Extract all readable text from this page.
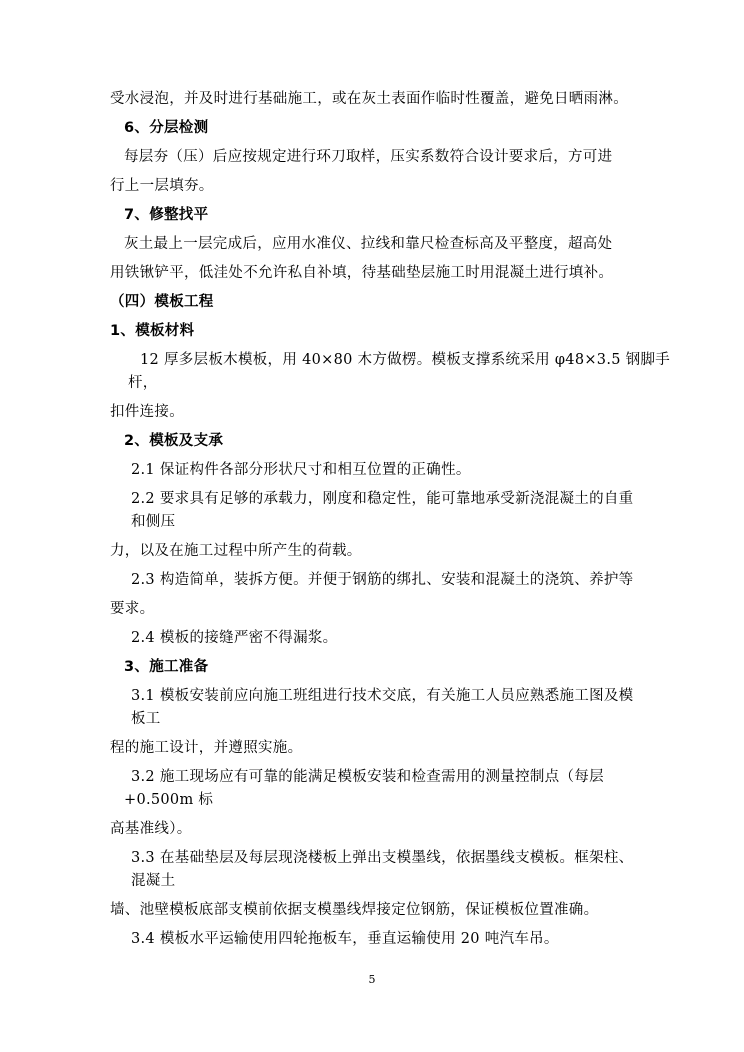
受水浸泡，并及时进行基础施工，或在灰土表面作临时性覆盖，避免日晒雨淋。
6、分层检测
每层夯（压）后应按规定进行环刀取样，压实系数符合设计要求后，方可进
行上一层填夯。
7、修整找平
灰土最上一层完成后，应用水准仪、拉线和靠尺检查标高及平整度，超高处
用铁锹铲平，低洼处不允许私自补填，待基础垫层施工时用混凝土进行填补。
（四）模板工程
1、模板材料
12 厚多层板木模板，用 40×80 木方做楞。模板支撑系统采用 φ48×3.5 钢脚手
杆，
扣件连接。
2、模板及支承
2.1 保证构件各部分形状尺寸和相互位置的正确性。
2.2 要求具有足够的承载力，刚度和稳定性，能可靠地承受新浇混凝土的自重
和侧压
力，以及在施工过程中所产生的荷载。
2.3 构造简单，装拆方便。并便于钢筋的绑扎、安装和混凝土的浇筑、养护等
要求。
2.4 模板的接缝严密不得漏浆。
3、施工准备
3.1 模板安装前应向施工班组进行技术交底，有关施工人员应熟悉施工图及模
板工
程的施工设计，并遵照实施。
3.2 施工现场应有可靠的能满足模板安装和检查需用的测量控制点（每层
+0.500m 标
高基准线）。
3.3 在基础垫层及每层现浇楼板上弹出支模墨线，依据墨线支模板。框架柱、
混凝土
墙、池壁模板底部支模前依据支模墨线焊接定位钢筋，保证模板位置准确。
3.4 模板水平运输使用四轮拖板车，垂直运输使用 20 吨汽车吊。
5
